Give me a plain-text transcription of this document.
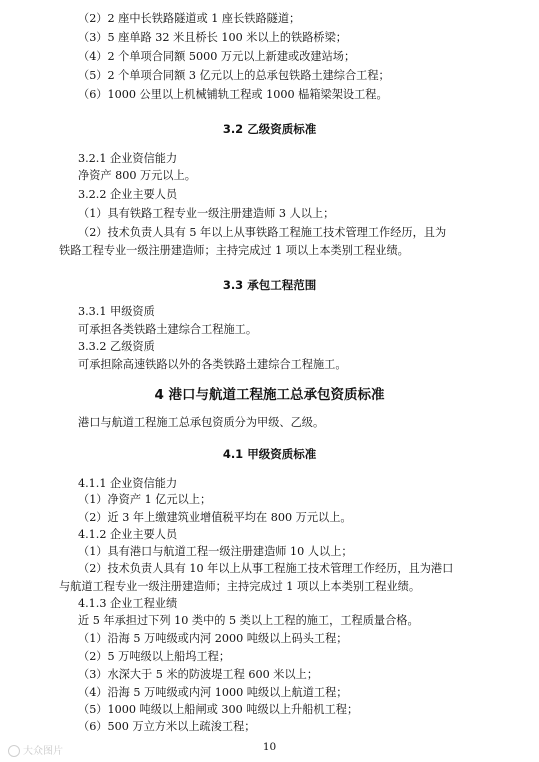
（2）2 座中长铁路隧道或 1 座长铁路隧道；
（3）5 座单路 32 米且桥长 100 米以上的铁路桥梁；
（4）2 个单项合同额 5000 万元以上新建或改建站场；
（5）2 个单项合同额 3 亿元以上的总承包铁路土建综合工程；
（6）1000 公里以上机械铺轨工程或 1000 榀箱梁架设工程。
3.2 乙级资质标准
3.2.1 企业资信能力
净资产 800 万元以上。
3.2.2 企业主要人员
（1）具有铁路工程专业一级注册建造师 3 人以上；
（2）技术负责人具有 5 年以上从事铁路工程施工技术管理工作经历，且为
铁路工程专业一级注册建造师；主持完成过 1 项以上本类别工程业绩。
3.3 承包工程范围
3.3.1 甲级资质
可承担各类铁路土建综合工程施工。
3.3.2 乙级资质
可承担除高速铁路以外的各类铁路土建综合工程施工。
4 港口与航道工程施工总承包资质标准
港口与航道工程施工总承包资质分为甲级、乙级。
4.1 甲级资质标准
4.1.1 企业资信能力
（1）净资产 1 亿元以上；
（2）近 3 年上缴建筑业增值税平均在 800 万元以上。
4.1.2 企业主要人员
（1）具有港口与航道工程一级注册建造师 10 人以上；
（2）技术负责人具有 10 年以上从事工程施工技术管理工作经历，且为港口
与航道工程专业一级注册建造师；主持完成过 1 项以上本类别工程业绩。
4.1.3 企业工程业绩
近 5 年承担过下列 10 类中的 5 类以上工程的施工，工程质量合格。
（1）沿海 5 万吨级或内河 2000 吨级以上码头工程；
（2）5 万吨级以上船坞工程；
（3）水深大于 5 米的防波堤工程 600 米以上；
（4）沿海 5 万吨级或内河 1000 吨级以上航道工程；
（5）1000 吨级以上船闸或 300 吨级以上升船机工程；
（6）500 万立方米以上疏浚工程；
10
大众图片
